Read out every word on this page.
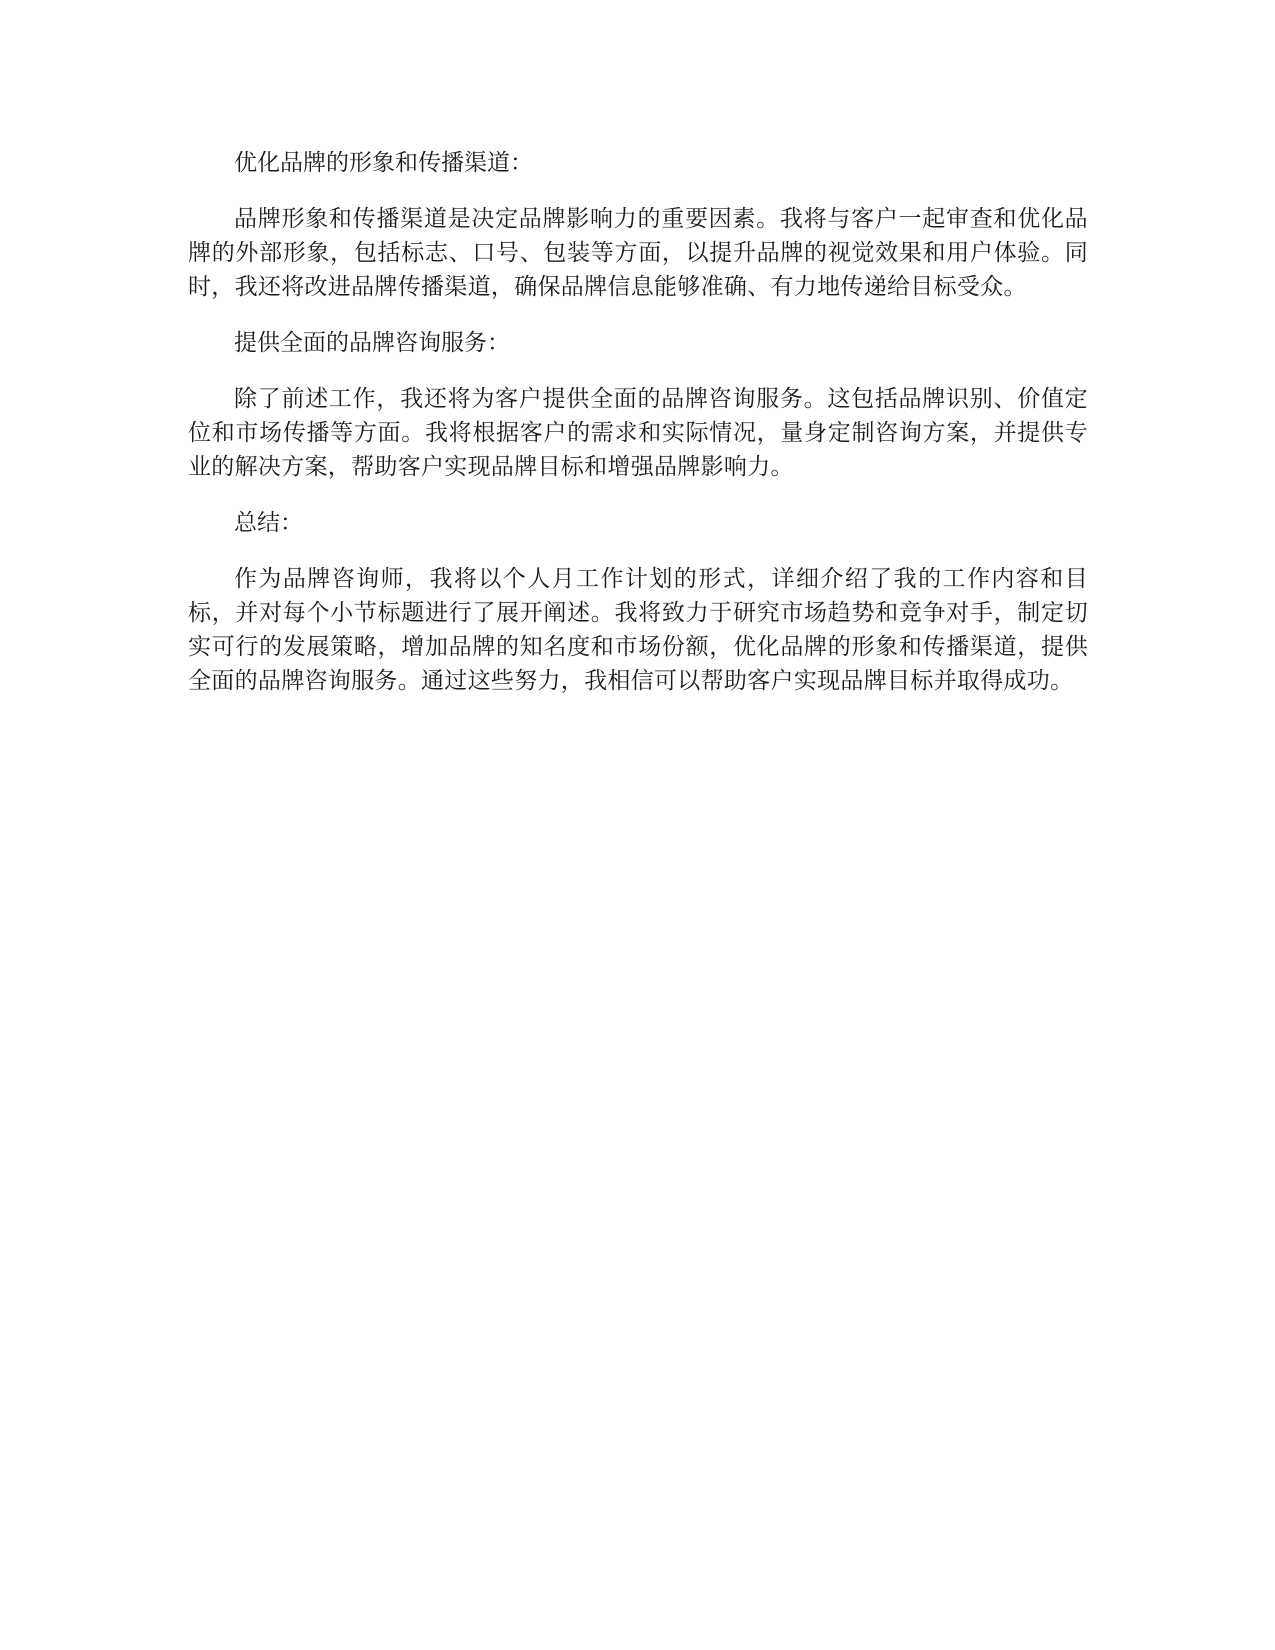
优化品牌的形象和传播渠道：

品牌形象和传播渠道是决定品牌影响力的重要因素。我将与客户一起审查和优化品牌的外部形象，包括标志、口号、包装等方面，以提升品牌的视觉效果和用户体验。同时，我还将改进品牌传播渠道，确保品牌信息能够准确、有力地传递给目标受众。

提供全面的品牌咨询服务：

除了前述工作，我还将为客户提供全面的品牌咨询服务。这包括品牌识别、价值定位和市场传播等方面。我将根据客户的需求和实际情况，量身定制咨询方案，并提供专业的解决方案，帮助客户实现品牌目标和增强品牌影响力。

总结：

作为品牌咨询师，我将以个人月工作计划的形式，详细介绍了我的工作内容和目标，并对每个小节标题进行了展开阐述。我将致力于研究市场趋势和竞争对手，制定切实可行的发展策略，增加品牌的知名度和市场份额，优化品牌的形象和传播渠道，提供全面的品牌咨询服务。通过这些努力，我相信可以帮助客户实现品牌目标并取得成功。
